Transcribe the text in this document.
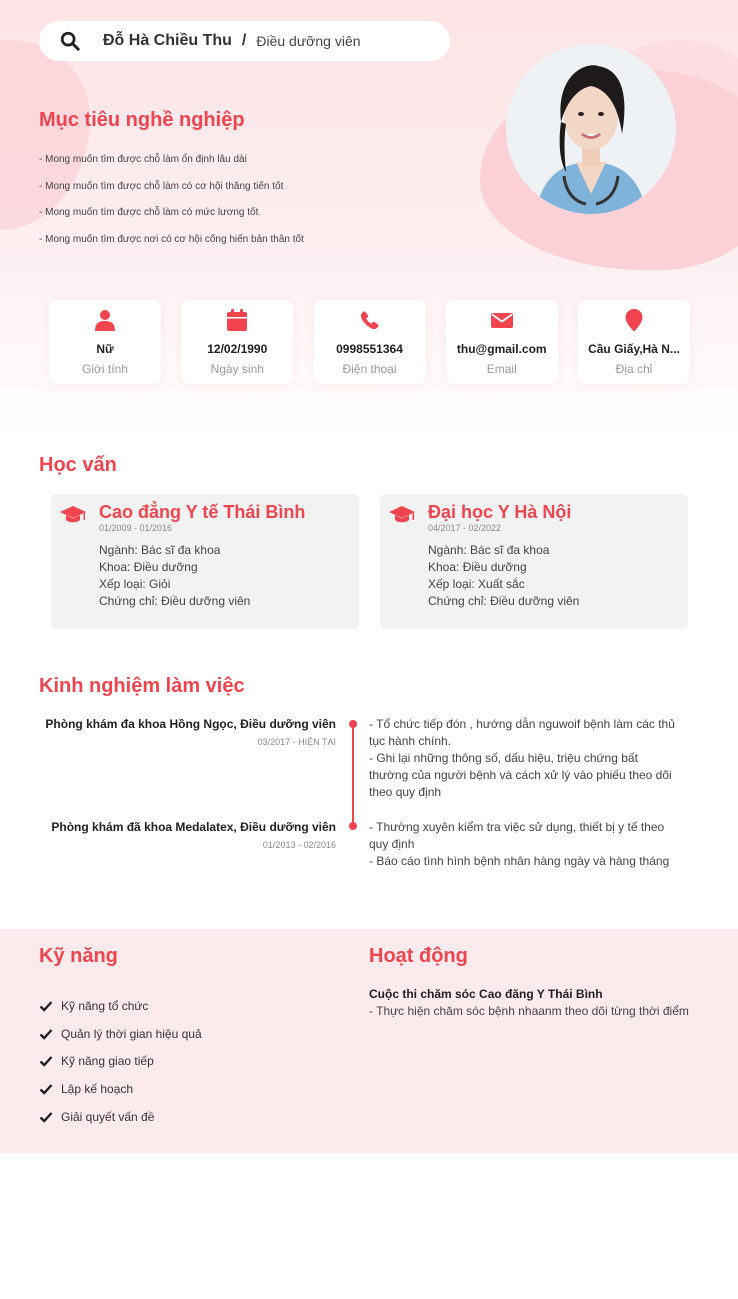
Đỗ Hà Chiều Thu / Điều dưỡng viên
Mục tiêu nghề nghiệp
- Mong muốn tìm được chỗ làm ổn định lâu dài
- Mong muốn tìm được chỗ làm có cơ hội thăng tiến tốt
- Mong muốn tìm được chỗ làm có mức lương tốt
- Mong muốn tìm được nơi có cơ hội cống hiến bản thân tốt
Nữ
Giới tính
12/02/1990
Ngày sinh
0998551364
Điện thoại
thu@gmail.com
Email
Cầu Giấy,Hà N...
Địa chỉ
Học vấn
Cao đẳng Y tế Thái Bình
01/2009 - 01/2016
Ngành: Bác sĩ đa khoa
Khoa: Điều dưỡng
Xếp loại: Giỏi
Chứng chỉ: Điều dưỡng viên
Đại học Y Hà Nội
04/2017 - 02/2022
Ngành: Bác sĩ đa khoa
Khoa: Điều dưỡng
Xếp loại: Xuất sắc
Chứng chỉ: Điều dưỡng viên
Kinh nghiệm làm việc
Phòng khám đa khoa Hồng Ngọc, Điều dưỡng viên
03/2017 - HIỆN TẠI
- Tổ chức tiếp đón , hướng dẫn nguwoif bệnh làm các thủ tục hành chính.
- Ghi lại những thông số, dấu hiệu, triệu chứng bất thường của người bệnh và cách xử lý vào phiếu theo dõi theo quy định
Phòng khám đã khoa Medalatex, Điều dưỡng viên
01/2013 - 02/2016
- Thường xuyên kiểm tra việc sử dụng, thiết bị y tế theo quy định
- Báo cáo tình hình bệnh nhân hàng ngày và hàng tháng
Kỹ năng
Kỹ năng tổ chức
Quản lý thời gian hiệu quả
Kỹ năng giao tiếp
Lập kế hoạch
Giải quyết vấn đề
Hoạt động
Cuộc thi chăm sóc Cao đăng Y Thái Bình
- Thực hiện chăm sóc bệnh nhaanm theo dõi từng thời điểm
